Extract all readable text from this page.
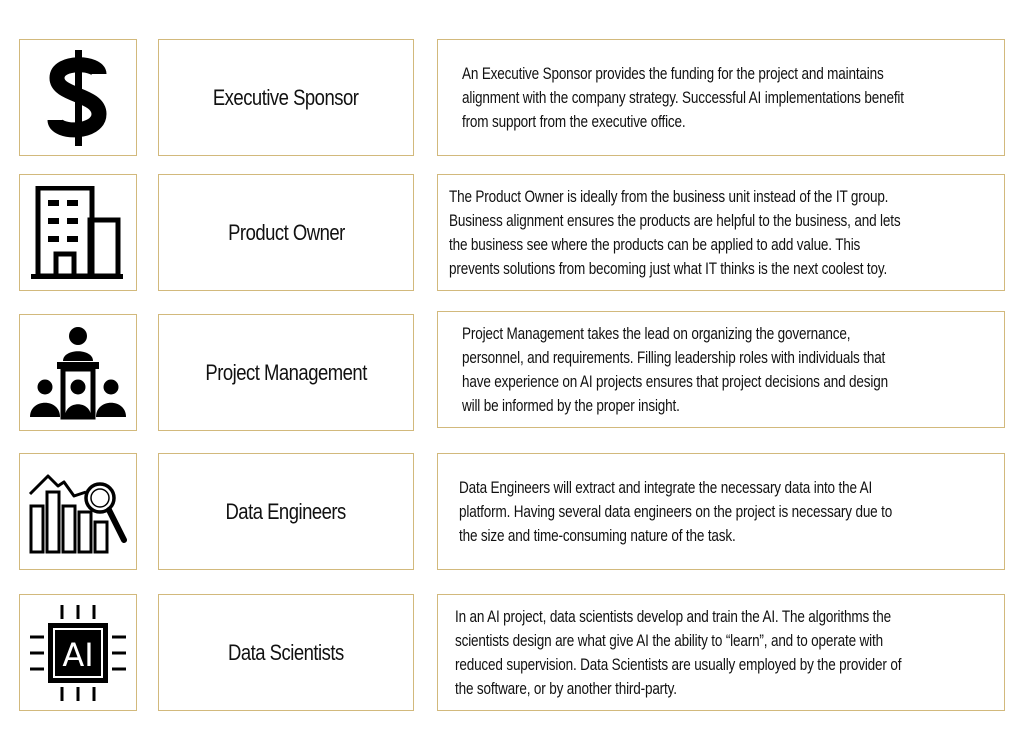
Executive Sponsor
An Executive Sponsor provides the funding for the project and maintains alignment with the company strategy. Successful AI implementations benefit from support from the executive office.
Product Owner
The Product Owner is ideally from the business unit instead of the IT group. Business alignment ensures the products are helpful to the business, and lets the business see where the products can be applied to add value. This prevents solutions from becoming just what IT thinks is the next coolest toy.
Project Management
Project Management takes the lead on organizing the governance, personnel, and requirements. Filling leadership roles with individuals that have experience on AI projects ensures that project decisions and design will be informed by the proper insight.
Data Engineers
Data Engineers will extract and integrate the necessary data into the AI platform. Having several data engineers on the project is necessary due to the size and time-consuming nature of the task.
AI	Data Scientists
In an AI project, data scientists develop and train the AI. The algorithms the scientists design are what give AI the ability to “learn”, and to operate with reduced supervision. Data Scientists are usually employed by the provider of the software, or by another third-party.
